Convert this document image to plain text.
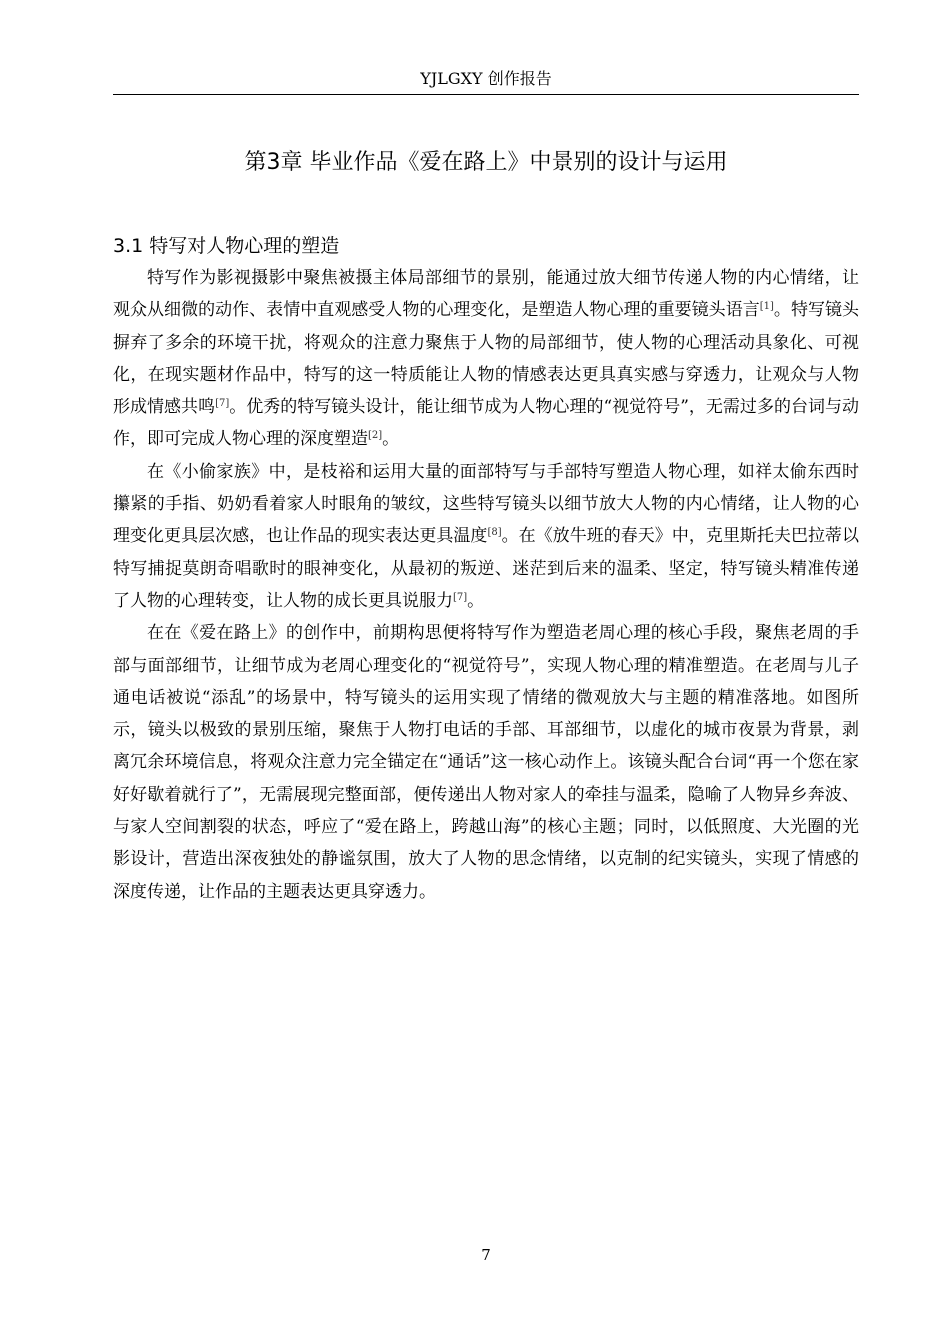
YJLGXY 创作报告
第3章 毕业作品《爱在路上》中景别的设计与运用
3.1 特写对人物心理的塑造

特写作为影视摄影中聚焦被摄主体局部细节的景别，能通过放大细节传递人物的内心情绪，让观众从细微的动作、表情中直观感受人物的心理变化，是塑造人物心理的重要镜头语言[1]。特写镜头摒弃了多余的环境干扰，将观众的注意力聚焦于人物的局部细节，使人物的心理活动具象化、可视化，在现实题材作品中，特写的这一特质能让人物的情感表达更具真实感与穿透力，让观众与人物形成情感共鸣[7]。优秀的特写镜头设计，能让细节成为人物心理的“视觉符号”，无需过多的台词与动作，即可完成人物心理的深度塑造[2]。

在《小偷家族》中，是枝裕和运用大量的面部特写与手部特写塑造人物心理，如祥太偷东西时攥紧的手指、奶奶看着家人时眼角的皱纹，这些特写镜头以细节放大人物的内心情绪，让人物的心理变化更具层次感，也让作品的现实表达更具温度[8]。在《放牛班的春天》中，克里斯托夫巴拉蒂以特写捕捉莫朗奇唱歌时的眼神变化，从最初的叛逆、迷茫到后来的温柔、坚定，特写镜头精准传递了人物的心理转变，让人物的成长更具说服力[7]。

在在《爱在路上》的创作中，前期构思便将特写作为塑造老周心理的核心手段，聚焦老周的手部与面部细节，让细节成为老周心理变化的“视觉符号”，实现人物心理的精准塑造。在老周与儿子通电话被说“添乱”的场景中，特写镜头的运用实现了情绪的微观放大与主题的精准落地。如图所示，镜头以极致的景别压缩，聚焦于人物打电话的手部、耳部细节，以虚化的城市夜景为背景，剥离冗余环境信息，将观众注意力完全锚定在“通话”这一核心动作上。该镜头配合台词“再一个您在家好好歇着就行了”，无需展现完整面部，便传递出人物对家人的牵挂与温柔，隐喻了人物异乡奔波、与家人空间割裂的状态，呼应了“爱在路上，跨越山海”的核心主题；同时，以低照度、大光圈的光影设计，营造出深夜独处的静谧氛围，放大了人物的思念情绪，以克制的纪实镜头，实现了情感的深度传递，让作品的主题表达更具穿透力。

7
